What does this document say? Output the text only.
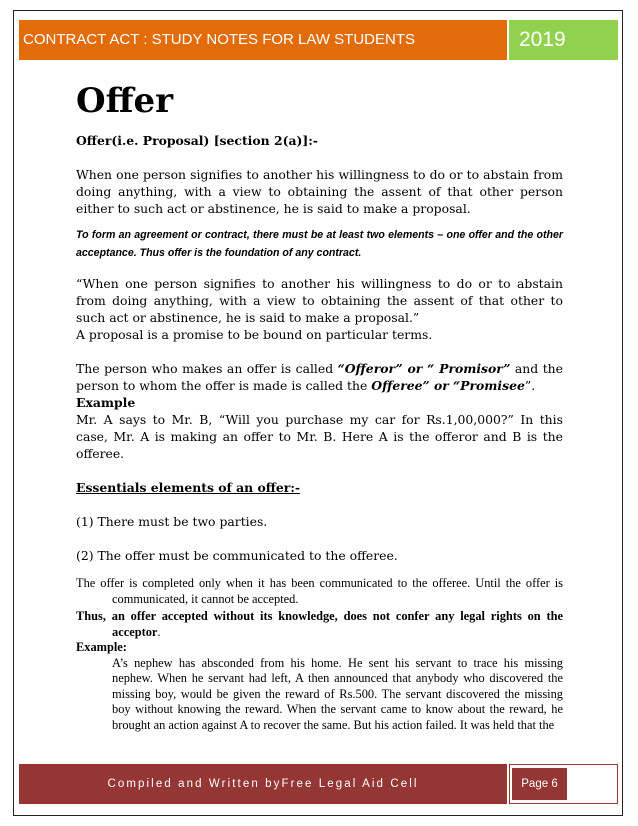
CONTRACT ACT : STUDY NOTES FOR LAW STUDENTS	2019
Offer

Offer(i.e. Proposal) [section 2(a)]:-

When one person signifies to another his willingness to do or to abstain from doing anything, with a view to obtaining the assent of that other person either to such act or abstinence, he is said to make a proposal.

To form an agreement or contract, there must be at least two elements – one offer and the other acceptance. Thus offer is the foundation of any contract.

“When one person signifies to another his willingness to do or to abstain from doing anything, with a view to obtaining the assent of that other to such act or abstinence, he is said to make a proposal.”

A proposal is a promise to be bound on particular terms.

The person who makes an offer is called “Offeror” or “ Promisor” and the person to whom the offer is made is called the Offeree” or “Promisee”.

Example

Mr. A says to Mr. B, “Will you purchase my car for Rs.1,00,000?” In this case, Mr. A is making an offer to Mr. B. Here A is the offeror and B is the offeree.

Essentials elements of an offer:-

(1) There must be two parties.

(2) The offer must be communicated to the offeree.

The offer is completed only when it has been communicated to the offeree. Until the offer is communicated, it cannot be accepted.

Thus, an offer accepted without its knowledge, does not confer any legal rights on the acceptor.

Example:

A’s nephew has absconded from his home. He sent his servant to trace his missing nephew. When he servant had left, A then announced that anybody who discovered the missing boy, would be given the reward of Rs.500. The servant discovered the missing boy without knowing the reward. When the servant came to know about the reward, he brought an action against A to recover the same. But his action failed. It was held that the

Compiled and Written byFree Legal Aid Cell	Page 6
